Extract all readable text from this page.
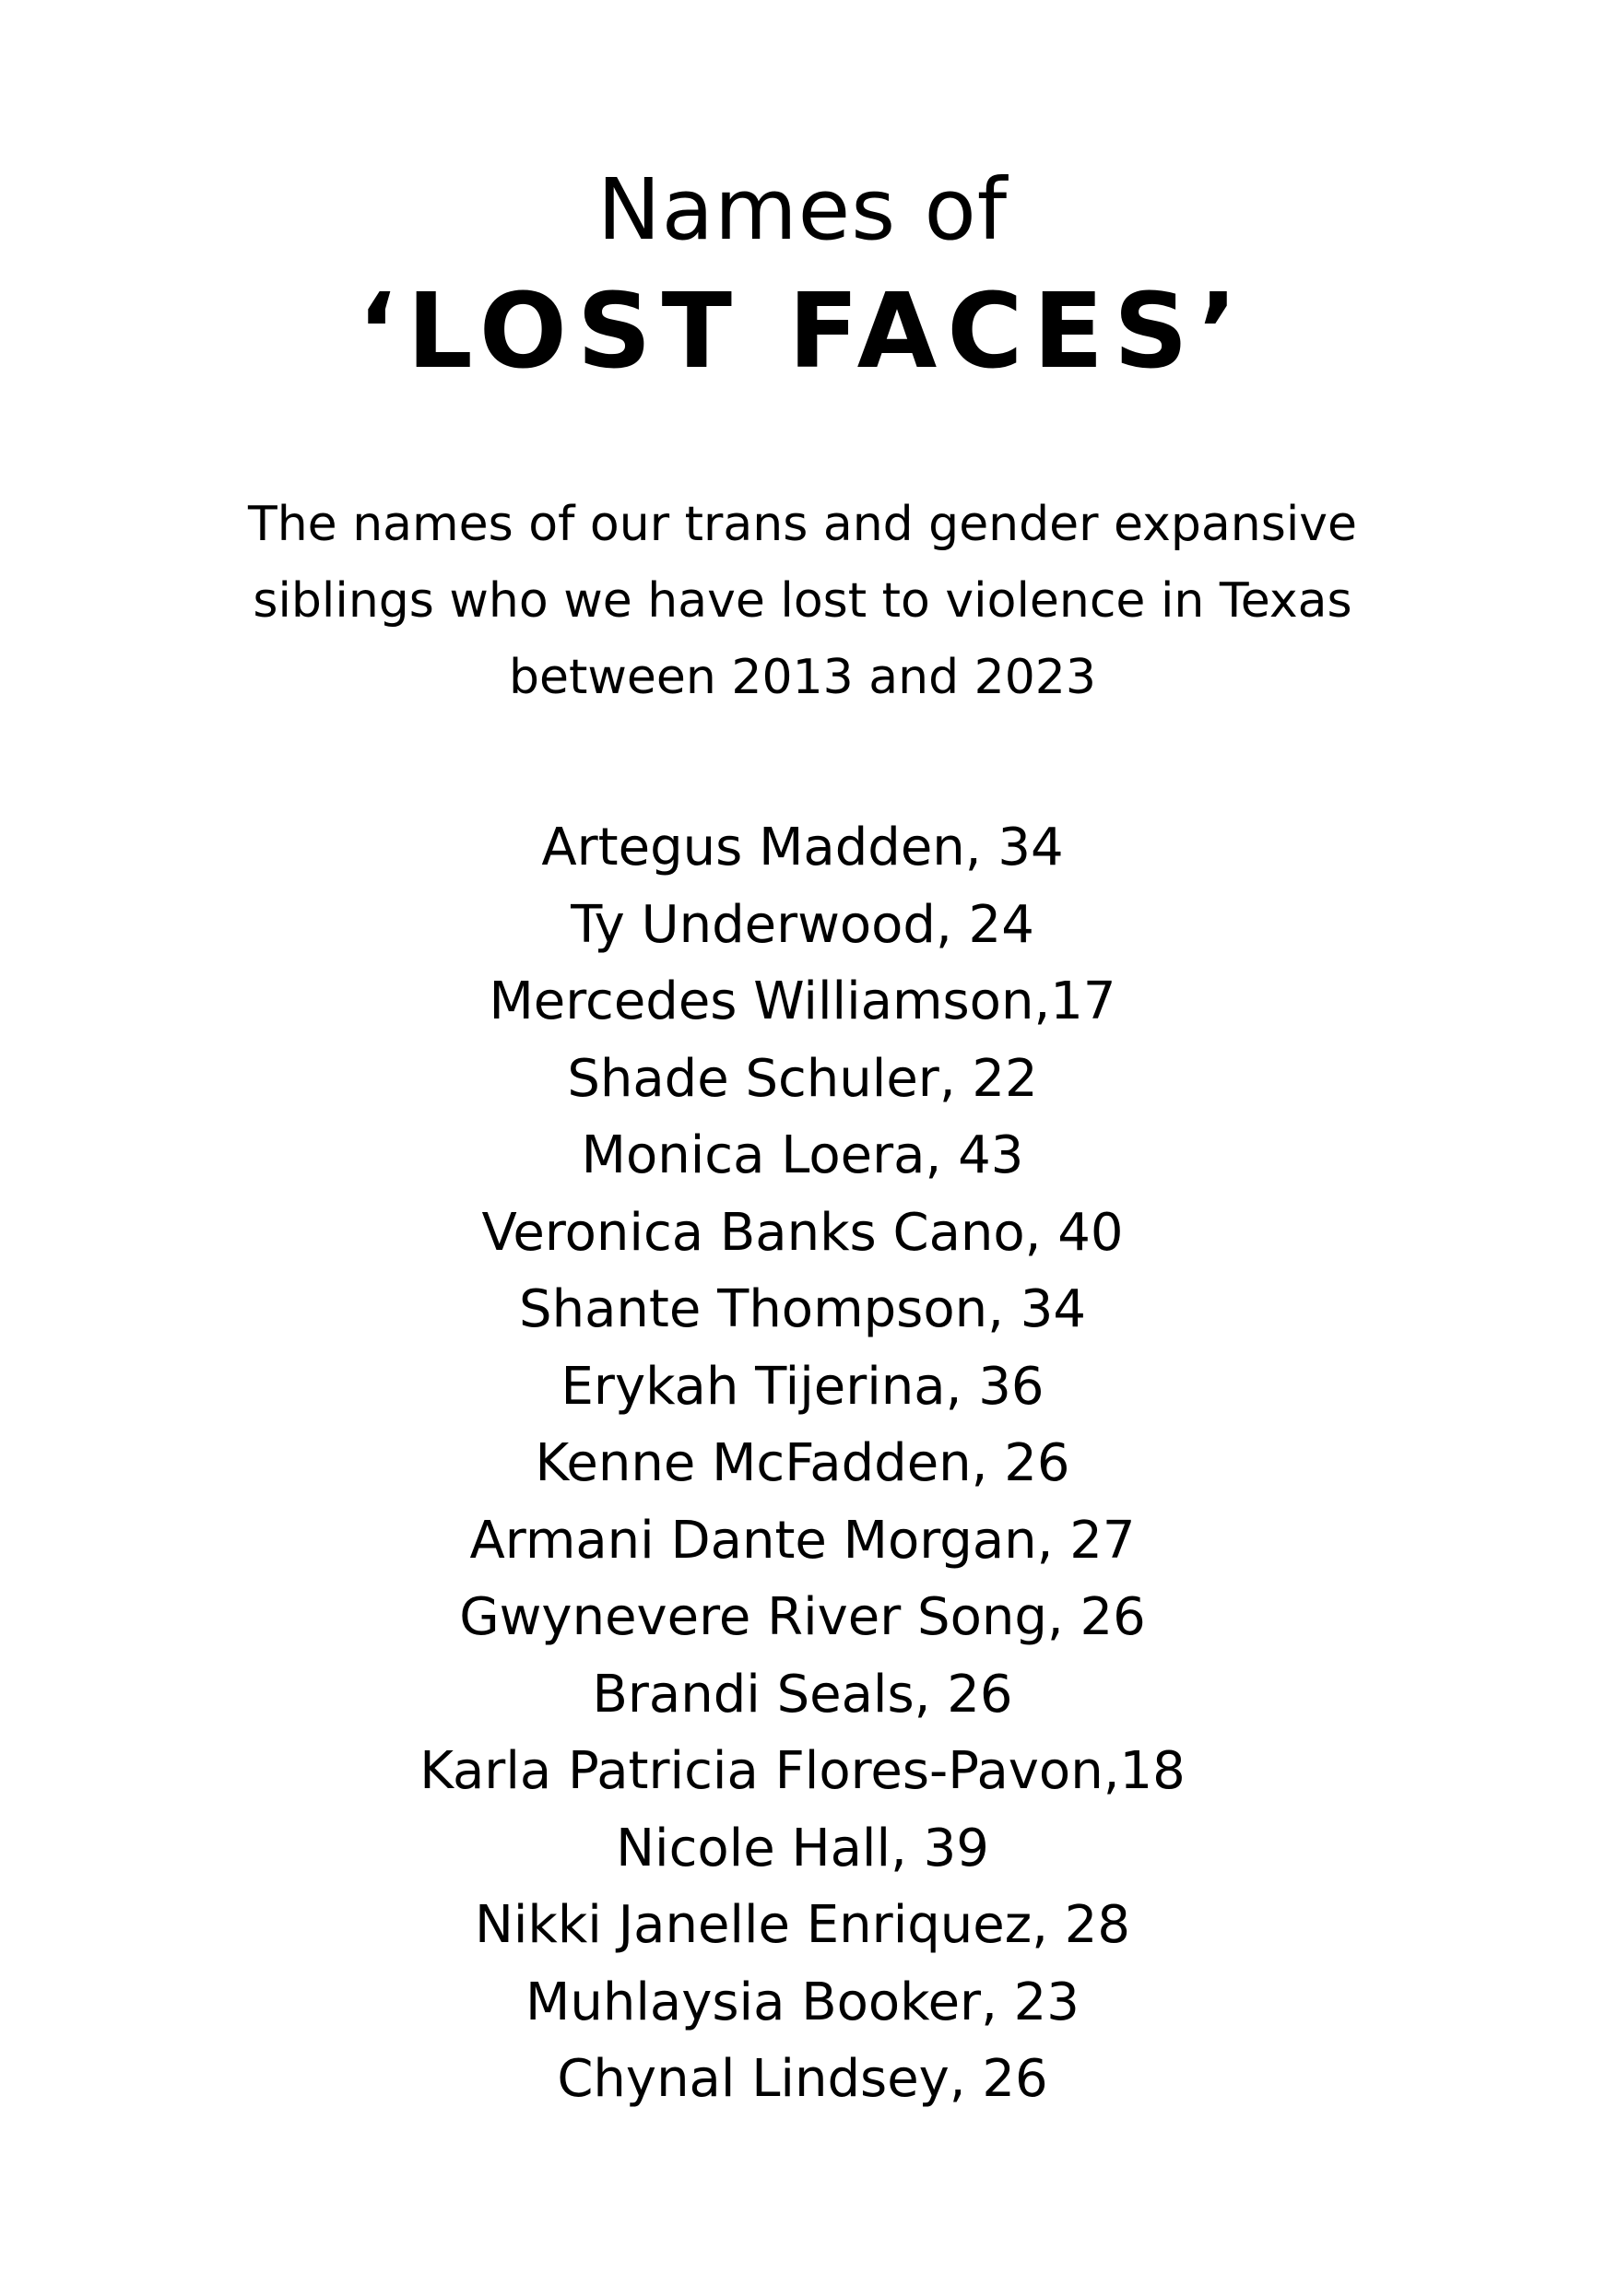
Names of
‘LOST FACES’
The names of our trans and gender expansive
siblings who we have lost to violence in Texas
between 2013 and 2023
Artegus Madden, 34
Ty Underwood, 24
Mercedes Williamson,17
Shade Schuler, 22
Monica Loera, 43
Veronica Banks Cano, 40
Shante Thompson, 34
Erykah Tijerina, 36
Kenne McFadden, 26
Armani Dante Morgan, 27
Gwynevere River Song, 26
Brandi Seals, 26
Karla Patricia Flores-Pavon,18
Nicole Hall, 39
Nikki Janelle Enriquez, 28
Muhlaysia Booker, 23
Chynal Lindsey, 26
